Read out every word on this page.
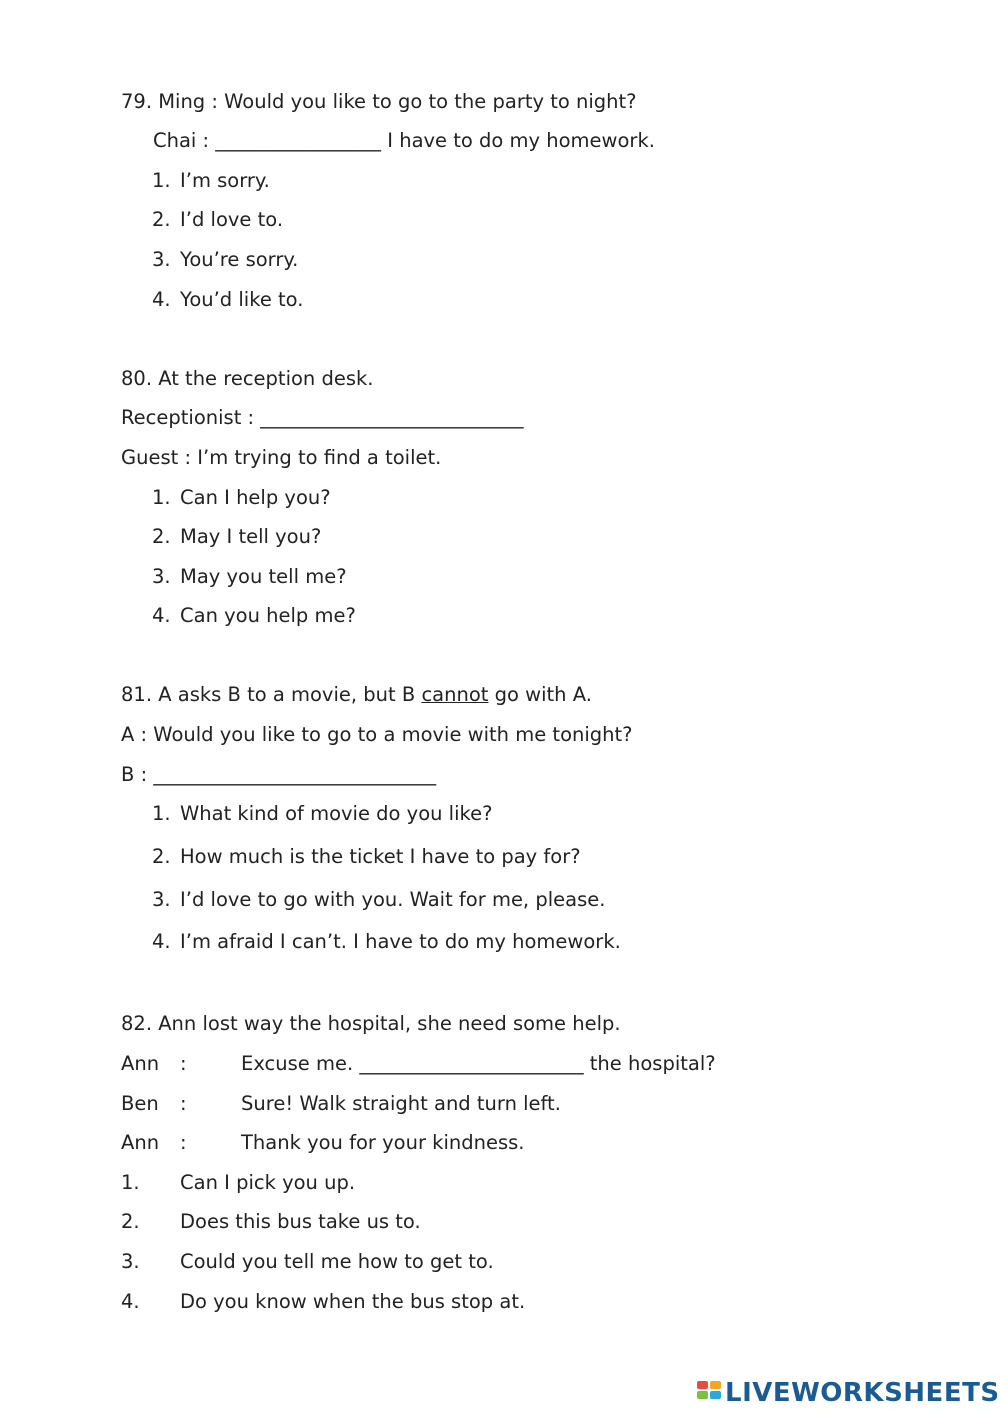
79. Ming : Would you like to go to the party to night?
Chai : _________________ I have to do my homework.
1. I’m sorry.
2. I’d love to.
3. You’re sorry.
4. You’d like to.
80. At the reception desk.
Receptionist : ___________________________
Guest : I’m trying to find a toilet.
1. Can I help you?
2. May I tell you?
3. May you tell me?
4. Can you help me?
81. A asks B to a movie, but B cannot go with A.
A : Would you like to go to a movie with me tonight?
B : _____________________________
1. What kind of movie do you like?
2. How much is the ticket I have to pay for?
3. I’d love to go with you. Wait for me, please.
4. I’m afraid I can’t. I have to do my homework.
82. Ann lost way the hospital, she need some help.
Ann :	Excuse me. _______________________ the hospital?
Ben :	Sure! Walk straight and turn left.
Ann :	Thank you for your kindness.
1. Can I pick you up.
2. Does this bus take us to.
3. Could you tell me how to get to.
4. Do you know when the bus stop at.
LIVEWORKSHEETS
